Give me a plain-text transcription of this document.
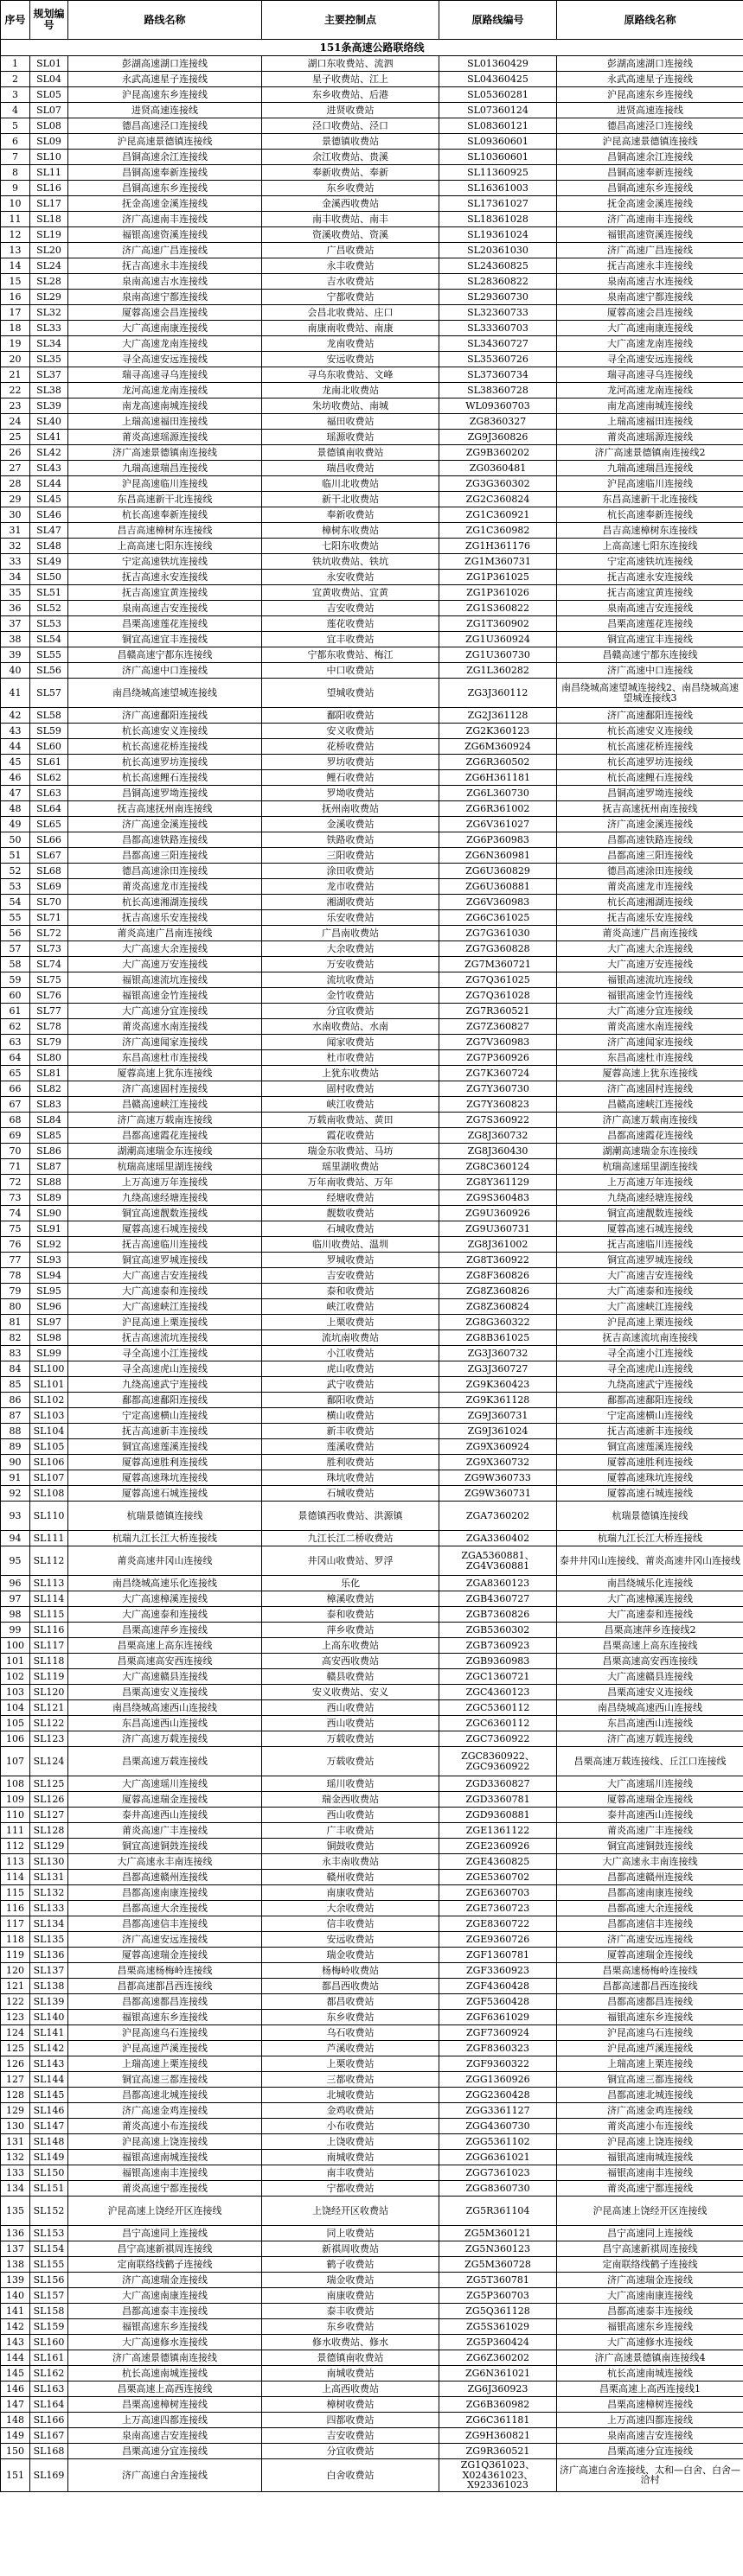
序号	规划编号	路线名称	主要控制点	原路线编号	原路线名称
151条高速公路联络线					
1	SL01	彭湖高速湖口连接线	湖口东收费站、流泗	SL01360429	彭湖高速湖口连接线
2	SL04	永武高速星子连接线	星子收费站、江上	SL04360425	永武高速星子连接线
3	SL05	沪昆高速东乡连接线	东乡收费站、后港	SL05360281	沪昆高速东乡连接线
4	SL07	进贤高速连接线	进贤收费站	SL07360124	进贤高速连接线
5	SL08	德昌高速泾口连接线	泾口收费站、泾口	SL08360121	德昌高速泾口连接线
6	SL09	沪昆高速景德镇连接线	景德镇收费站	SL09360601	沪昆高速景德镇连接线
7	SL10	昌铜高速余江连接线	余江收费站、贵溪	SL10360601	昌铜高速余江连接线
8	SL11	昌铜高速奉新连接线	奉新收费站、奉新	SL11360925	昌铜高速奉新连接线
9	SL16	昌铜高速东乡连接线	东乡收费站	SL16361003	昌铜高速东乡连接线
10	SL17	抚金高速金溪连接线	金溪西收费站	SL17361027	抚金高速金溪连接线
11	SL18	济广高速南丰连接线	南丰收费站、南丰	SL18361028	济广高速南丰连接线
12	SL19	福银高速资溪连接线	资溪收费站、资溪	SL19361024	福银高速资溪连接线
13	SL20	济广高速广昌连接线	广昌收费站	SL20361030	济广高速广昌连接线
14	SL24	抚吉高速永丰连接线	永丰收费站	SL24360825	抚吉高速永丰连接线
15	SL28	泉南高速吉水连接线	吉水收费站	SL28360822	泉南高速吉水连接线
16	SL29	泉南高速宁都连接线	宁都收费站	SL29360730	泉南高速宁都连接线
17	SL32	厦蓉高速会昌连接线	会昌北收费站、庄口	SL32360733	厦蓉高速会昌连接线
18	SL33	大广高速南康连接线	南康南收费站、南康	SL33360703	大广高速南康连接线
19	SL34	大广高速龙南连接线	龙南收费站	SL34360727	大广高速龙南连接线
20	SL35	寻全高速安远连接线	安远收费站	SL35360726	寻全高速安远连接线
21	SL37	瑞寻高速寻乌连接线	寻乌东收费站、文峰	SL37360734	瑞寻高速寻乌连接线
22	SL38	龙河高速龙南连接线	龙南北收费站	SL38360728	龙河高速龙南连接线
23	SL39	南龙高速南城连接线	朱坊收费站、南城	WL09360703	南龙高速南城连接线
24	SL40	上瑞高速福田连接线	福田收费站	ZG8360327	上瑞高速福田连接线
25	SL41	莆炎高速瑶源连接线	瑶源收费站	ZG9J360826	莆炎高速瑶源连接线
26	SL42	济广高速景德镇南连接线	景德镇南收费站	ZG9B360202	济广高速景德镇南连接线2
27	SL43	九瑞高速瑞昌连接线	瑞昌收费站	ZG0360481	九瑞高速瑞昌连接线
28	SL44	沪昆高速临川连接线	临川北收费站	ZG3G360302	沪昆高速临川连接线
29	SL45	东昌高速新干北连接线	新干北收费站	ZG2C360824	东昌高速新干北连接线
30	SL46	杭长高速奉新连接线	奉新收费站	ZG1C360921	杭长高速奉新连接线
31	SL47	昌吉高速樟树东连接线	樟树东收费站	ZG1C360982	昌吉高速樟树东连接线
32	SL48	上高高速七阳东连接线	七阳东收费站	ZG1H361176	上高高速七阳东连接线
33	SL49	宁定高速铁坑连接线	铁坑收费站、铁坑	ZG1M360731	宁定高速铁坑连接线
34	SL50	抚吉高速永安连接线	永安收费站	ZG1P361025	抚吉高速永安连接线
35	SL51	抚吉高速宜黄连接线	宜黄收费站、宜黄	ZG1P361026	抚吉高速宜黄连接线
36	SL52	泉南高速吉安连接线	吉安收费站	ZG1S360822	泉南高速吉安连接线
37	SL53	昌栗高速莲花连接线	莲花收费站	ZG1T360902	昌栗高速莲花连接线
38	SL54	铜宜高速宜丰连接线	宜丰收费站	ZG1U360924	铜宜高速宜丰连接线
39	SL55	昌赣高速宁都东连接线	宁都东收费站、梅江	ZG1U360730	昌赣高速宁都东连接线
40	SL56	济广高速中口连接线	中口收费站	ZG1L360282	济广高速中口连接线
41	SL57	南昌绕城高速望城连接线	望城收费站	ZG3J360112	南昌绕城高速望城连接线2、南昌绕城高速望城连接线3
42	SL58	济广高速鄱阳连接线	鄱阳收费站	ZG2J361128	济广高速鄱阳连接线
43	SL59	杭长高速安义连接线	安义收费站	ZG2K360123	杭长高速安义连接线
44	SL60	杭长高速花桥连接线	花桥收费站	ZG6M360924	杭长高速花桥连接线
45	SL61	杭长高速罗坊连接线	罗坊收费站	ZG6R360502	杭长高速罗坊连接线
46	SL62	杭长高速鲤石连接线	鲤石收费站	ZG6H361181	杭长高速鲤石连接线
47	SL63	昌铜高速罗坳连接线	罗坳收费站	ZG6L360730	昌铜高速罗坳连接线
48	SL64	抚吉高速抚州南连接线	抚州南收费站	ZG6R361002	抚吉高速抚州南连接线
49	SL65	济广高速金溪连接线	金溪收费站	ZG6V361027	济广高速金溪连接线
50	SL66	昌都高速铁路连接线	铁路收费站	ZG6P360983	昌都高速铁路连接线
51	SL67	昌都高速三阳连接线	三阳收费站	ZG6N360981	昌都高速三阳连接线
52	SL68	德昌高速涂田连接线	涂田收费站	ZG6U360829	德昌高速涂田连接线
53	SL69	莆炎高速龙市连接线	龙市收费站	ZG6U360881	莆炎高速龙市连接线
54	SL70	杭长高速湘湖连接线	湘湖收费站	ZG6V360983	杭长高速湘湖连接线
55	SL71	抚吉高速乐安连接线	乐安收费站	ZG6C361025	抚吉高速乐安连接线
56	SL72	莆炎高速广昌南连接线	广昌南收费站	ZG7G361030	莆炎高速广昌南连接线
57	SL73	大广高速大余连接线	大余收费站	ZG7G360828	大广高速大余连接线
58	SL74	大广高速万安连接线	万安收费站	ZG7M360721	大广高速万安连接线
59	SL75	福银高速流坑连接线	流坑收费站	ZG7Q361025	福银高速流坑连接线
60	SL76	福银高速金竹连接线	金竹收费站	ZG7Q361028	福银高速金竹连接线
61	SL77	大广高速分宜连接线	分宜收费站	ZG7R360521	大广高速分宜连接线
62	SL78	莆炎高速水南连接线	水南收费站、水南	ZG7Z360827	莆炎高速水南连接线
63	SL79	济广高速闻家连接线	闻家收费站	ZG7V360983	济广高速闻家连接线
64	SL80	东昌高速杜市连接线	杜市收费站	ZG7P360926	东昌高速杜市连接线
65	SL81	厦蓉高速上犹东连接线	上犹东收费站	ZG7K360724	厦蓉高速上犹东连接线
66	SL82	济广高速固村连接线	固村收费站	ZG7Y360730	济广高速固村连接线
67	SL83	昌赣高速峡江连接线	峡江收费站	ZG7Y360823	昌赣高速峡江连接线
68	SL84	济广高速万载南连接线	万载南收费站、黄田	ZG7S360922	济广高速万载南连接线
69	SL85	昌都高速霞花连接线	霞花收费站	ZG8J360732	昌都高速霞花连接线
70	SL86	湖潮高速瑞金东连接线	瑞金东收费站、马坊	ZG8J360430	湖潮高速瑞金东连接线
71	SL87	杭瑞高速瑶里湖连接线	瑶里湖收费站	ZG8C360124	杭瑞高速瑶里湖连接线
72	SL88	上万高速万年连接线	万年南收费站、万年	ZG8Y361129	上万高速万年连接线
73	SL89	九绕高速经塘连接线	经塘收费站	ZG9S360483	九绕高速经塘连接线
74	SL90	铜宜高速靓数连接线	靓数收费站	ZG9U360926	铜宜高速靓数连接线
75	SL91	厦蓉高速石城连接线	石城收费站	ZG9U360731	厦蓉高速石城连接线
76	SL92	抚吉高速临川连接线	临川收费站、温圳	ZG8J361002	抚吉高速临川连接线
77	SL93	铜宜高速罗城连接线	罗城收费站	ZG8T360922	铜宜高速罗城连接线
78	SL94	大广高速吉安连接线	吉安收费站	ZG8F360826	大广高速吉安连接线
79	SL95	大广高速泰和连接线	泰和收费站	ZG8Z360826	大广高速泰和连接线
80	SL96	大广高速峡江连接线	峡江收费站	ZG8Z360824	大广高速峡江连接线
81	SL97	沪昆高速上栗连接线	上栗收费站	ZG8G360322	沪昆高速上栗连接线
82	SL98	抚吉高速流坑连接线	流坑南收费站	ZG8B361025	抚吉高速流坑南连接线
83	SL99	寻全高速小江连接线	小江收费站	ZG3J360732	寻全高速小江连接线
84	SL100	寻全高速虎山连接线	虎山收费站	ZG3J360727	寻全高速虎山连接线
85	SL101	九绕高速武宁连接线	武宁收费站	ZG9K360423	九绕高速武宁连接线
86	SL102	鄱都高速鄱阳连接线	鄱阳收费站	ZG9K361128	鄱都高速鄱阳连接线
87	SL103	宁定高速横山连接线	横山收费站	ZG9J360731	宁定高速横山连接线
88	SL104	抚吉高速新丰连接线	新丰收费站	ZG9J361024	抚吉高速新丰连接线
89	SL105	铜宜高速莲溪连接线	莲溪收费站	ZG9X360924	铜宜高速莲溪连接线
90	SL106	厦蓉高速胜利连接线	胜利收费站	ZG9X360732	厦蓉高速胜利连接线
91	SL107	厦蓉高速珠坑连接线	珠坑收费站	ZG9W360733	厦蓉高速珠坑连接线
92	SL108	厦蓉高速石城连接线	石城收费站	ZG9W360731	厦蓉高速石城连接线
93	SL110	杭瑞景德镇连接线	景德镇西收费站、洪源镇	ZGA7360202	杭瑞景德镇连接线
94	SL111	杭瑞九江长江大桥连接线	九江长江二桥收费站	ZGA3360402	杭瑞九江长江大桥连接线
95	SL112	莆炎高速井冈山连接线	井冈山收费站、罗浮	ZGA5360881、ZG4V360881	泰井井冈山连接线、莆炎高速井冈山连接线
96	SL113	南昌绕城高速乐化连接线	乐化	ZGA8360123	南昌绕城乐化连接线
97	SL114	大广高速樟溪连接线	樟溪收费站	ZGB4360727	大广高速樟溪连接线
98	SL115	大广高速泰和连接线	泰和收费站	ZGB7360826	大广高速泰和连接线
99	SL116	昌栗高速萍乡连接线	萍乡收费站	ZGB5360302	昌栗高速萍乡连接线2
100	SL117	昌栗高速上高东连接线	上高东收费站	ZGB7360923	昌栗高速上高东连接线
101	SL118	昌栗高速高安西连接线	高安西收费站	ZGB9360983	昌栗高速高安西连接线
102	SL119	大广高速赣县连接线	赣县收费站	ZGC1360721	大广高速赣县连接线
103	SL120	昌栗高速安义连接线	安义收费站、安义	ZGC4360123	昌栗高速安义连接线
104	SL121	南昌绕城高速西山连接线	西山收费站	ZGC5360112	南昌绕城高速西山连接线
105	SL122	东昌高速西山连接线	西山收费站	ZGC6360112	东昌高速西山连接线
106	SL123	济广高速万载连接线	万载收费站	ZGC7360922	济广高速万载连接线
107	SL124	昌栗高速万载连接线	万载收费站	ZGC8360922、ZGC9360922	昌栗高速万载连接线、丘江口连接线
108	SL125	大广高速瑶川连接线	瑶川收费站	ZGD3360827	大广高速瑶川连接线
109	SL126	厦蓉高速瑞金连接线	瑞金西收费站	ZGD3360781	厦蓉高速瑞金连接线
110	SL127	泰井高速西山连接线	西山收费站	ZGD9360881	泰井高速西山连接线
111	SL128	莆炎高速广丰连接线	广丰收费站	ZGE1361122	莆炎高速广丰连接线
112	SL129	铜宜高速铜鼓连接线	铜鼓收费站	ZGE2360926	铜宜高速铜鼓连接线
113	SL130	大广高速永丰南连接线	永丰南收费站	ZGE4360825	大广高速永丰南连接线
114	SL131	昌都高速赣州连接线	赣州收费站	ZGE5360702	昌都高速赣州连接线
115	SL132	昌都高速南康连接线	南康收费站	ZGE6360703	昌都高速南康连接线
116	SL133	昌都高速大余连接线	大余收费站	ZGE7360723	昌都高速大余连接线
117	SL134	昌都高速信丰连接线	信丰收费站	ZGE8360722	昌都高速信丰连接线
118	SL135	济广高速安远连接线	安远收费站	ZGE9360726	济广高速安远连接线
119	SL136	厦蓉高速瑞金连接线	瑞金收费站	ZGF1360781	厦蓉高速瑞金连接线
120	SL137	昌栗高速杨梅岭连接线	杨梅岭收费站	ZGF3360923	昌栗高速杨梅岭连接线
121	SL138	昌都高速都昌西连接线	都昌西收费站	ZGF4360428	昌都高速都昌西连接线
122	SL139	昌都高速都昌连接线	都昌收费站	ZGF5360428	昌都高速都昌连接线
123	SL140	福银高速东乡连接线	东乡收费站	ZGF6361029	福银高速东乡连接线
124	SL141	沪昆高速乌石连接线	乌石收费站	ZGF7360924	沪昆高速乌石连接线
125	SL142	沪昆高速芦溪连接线	芦溪收费站	ZGF8360323	沪昆高速芦溪连接线
126	SL143	上瑞高速上栗连接线	上栗收费站	ZGF9360322	上瑞高速上栗连接线
127	SL144	铜宜高速三都连接线	三都收费站	ZGG1360926	铜宜高速三都连接线
128	SL145	昌都高速北城连接线	北城收费站	ZGG2360428	昌都高速北城连接线
129	SL146	济广高速金鸡连接线	金鸡收费站	ZGG3361127	济广高速金鸡连接线
130	SL147	莆炎高速小布连接线	小布收费站	ZGG4360730	莆炎高速小布连接线
131	SL148	沪昆高速上饶连接线	上饶收费站	ZGG5361102	沪昆高速上饶连接线
132	SL149	福银高速南城连接线	南城收费站	ZGG6361021	福银高速南城连接线
133	SL150	福银高速南丰连接线	南丰收费站	ZGG7361023	福银高速南丰连接线
134	SL151	莆炎高速宁都连接线	宁都收费站	ZGG8360730	莆炎高速宁都连接线
135	SL152	沪昆高速上饶经开区连接线	上饶经开区收费站	ZG5R361104	沪昆高速上饶经开区连接线
136	SL153	昌宁高速同上连接线	同上收费站	ZG5M360121	昌宁高速同上连接线
137	SL154	昌宁高速新祺周连接线	新祺周收费站	ZG5N360123	昌宁高速新祺周连接线
138	SL155	定南联络线鹤子连接线	鹤子收费站	ZG5M360728	定南联络线鹤子连接线
139	SL156	济广高速瑞金连接线	瑞金收费站	ZG5T360781	济广高速瑞金连接线
140	SL157	大广高速南康连接线	南康收费站	ZG5P360703	大广高速南康连接线
141	SL158	昌都高速泰丰连接线	泰丰收费站	ZG5Q361128	昌都高速泰丰连接线
142	SL159	福银高速东乡连接线	东乡收费站	ZG5S361029	福银高速东乡连接线
143	SL160	大广高速修水连接线	修水收费站、修水	ZG5P360424	大广高速修水连接线
144	SL161	济广高速景德镇南连接线	景德镇南收费站	ZG6Z360202	济广高速景德镇南连接线4
145	SL162	杭长高速南城连接线	南城收费站	ZG6N361021	杭长高速南城连接线
146	SL163	昌栗高速上高西连接线	上高西收费站	ZG6J360923	昌栗高速上高西连接线1
147	SL164	昌栗高速樟树连接线	樟树收费站	ZG6B360982	昌栗高速樟树连接线
148	SL166	上万高速四都连接线	四都收费站	ZG6C361181	上万高速四都连接线
149	SL167	泉南高速吉安连接线	吉安收费站	ZG9H360821	泉南高速吉安连接线
150	SL168	昌栗高速分宜连接线	分宜收费站	ZG9R360521	昌栗高速分宜连接线
151	SL169	济广高速白舍连接线	白舍收费站	ZG1Q361023、X024361023、X923361023	济广高速白舍连接线、太和—白舍、白舍—洽村
